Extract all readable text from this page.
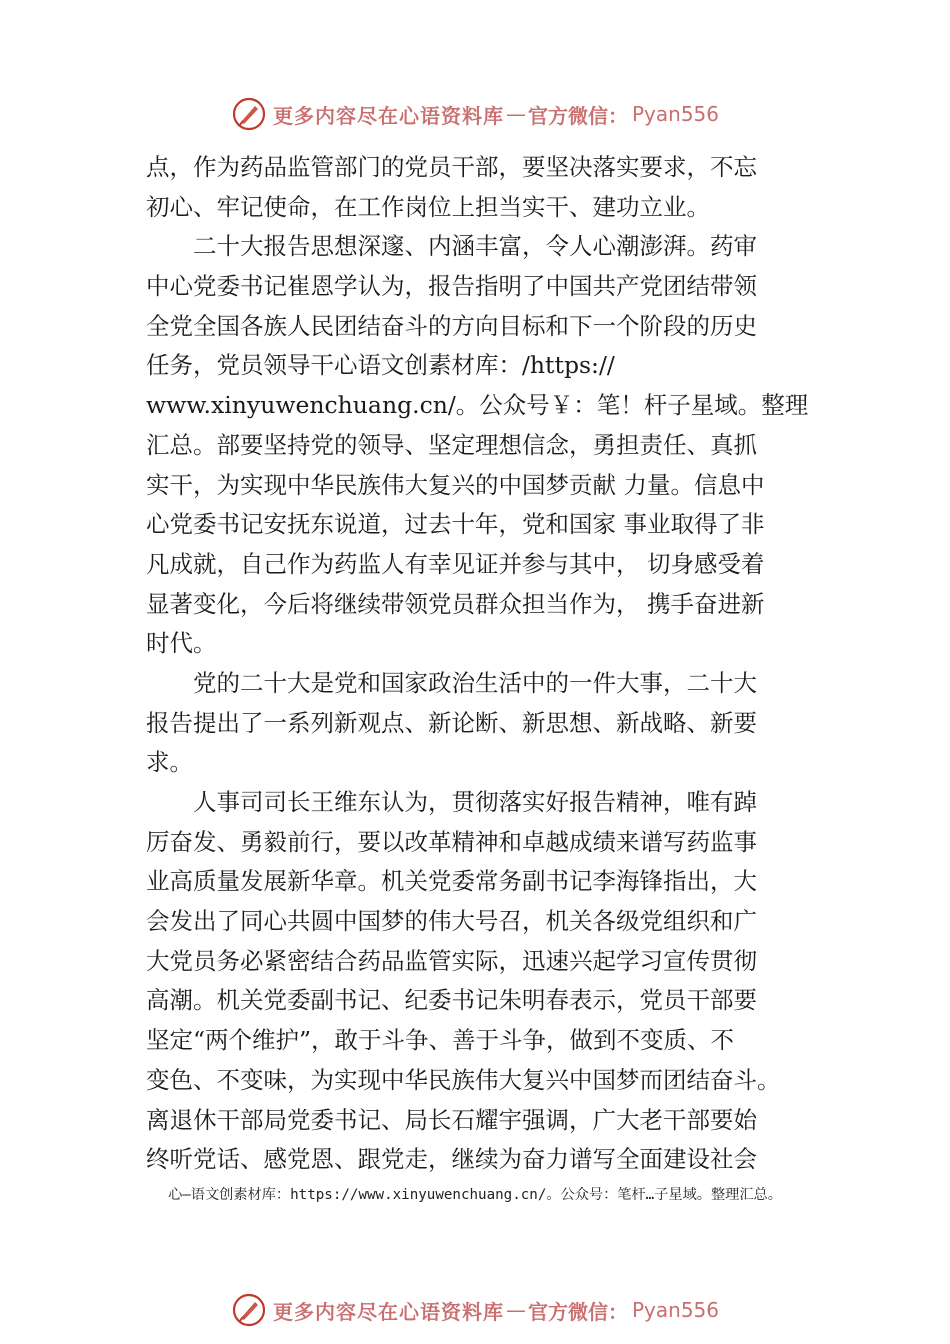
更多内容尽在心语资料库 — 官方微信： Pyan556
点，作为药品监管部门的党员干部，要坚决落实要求，不忘
初心、牢记使命，在工作岗位上担当实干、建功立业。
　　二十大报告思想深邃、内涵丰富，令人心潮澎湃。药审
中心党委书记崔恩学认为，报告指明了中国共产党团结带领
全党全国各族人民团结奋斗的方向目标和下一个阶段的历史
任务，党员领导干心语文创素材库：/https://
www.xinyuwenchuang.cn/。公众号￥：笔！杆子星域。整理
汇总。部要坚持党的领导、坚定理想信念，勇担责任、真抓
实干，为实现中华民族伟大复兴的中国梦贡献 力量。信息中
心党委书记安抚东说道，过去十年，党和国家 事业取得了非
凡成就，自己作为药监人有幸见证并参与其中， 切身感受着
显著变化，今后将继续带领党员群众担当作为， 携手奋进新
时代。
　　党的二十大是党和国家政治生活中的一件大事，二十大
报告提出了一系列新观点、新论断、新思想、新战略、新要
求。
　　人事司司长王维东认为，贯彻落实好报告精神，唯有踔
厉奋发、勇毅前行，要以改革精神和卓越成绩来谱写药监事
业高质量发展新华章。机关党委常务副书记李海锋指出，大
会发出了同心共圆中国梦的伟大号召，机关各级党组织和广
大党员务必紧密结合药品监管实际，迅速兴起学习宣传贯彻
高潮。机关党委副书记、纪委书记朱明春表示，党员干部要
坚定“两个维护”，敢于斗争、善于斗争，做到不变质、不
变色、不变味，为实现中华民族伟大复兴中国梦而团结奋斗。
离退休干部局党委书记、局长石耀宇强调，广大老干部要始
终听党话、感党恩、跟党走，继续为奋力谱写全面建设社会
心—语文创素材库：https://www.xinyuwenchuang.cn/。公众号：笔杆…子星域。整理汇总。
更多内容尽在心语资料库 — 官方微信： Pyan556
